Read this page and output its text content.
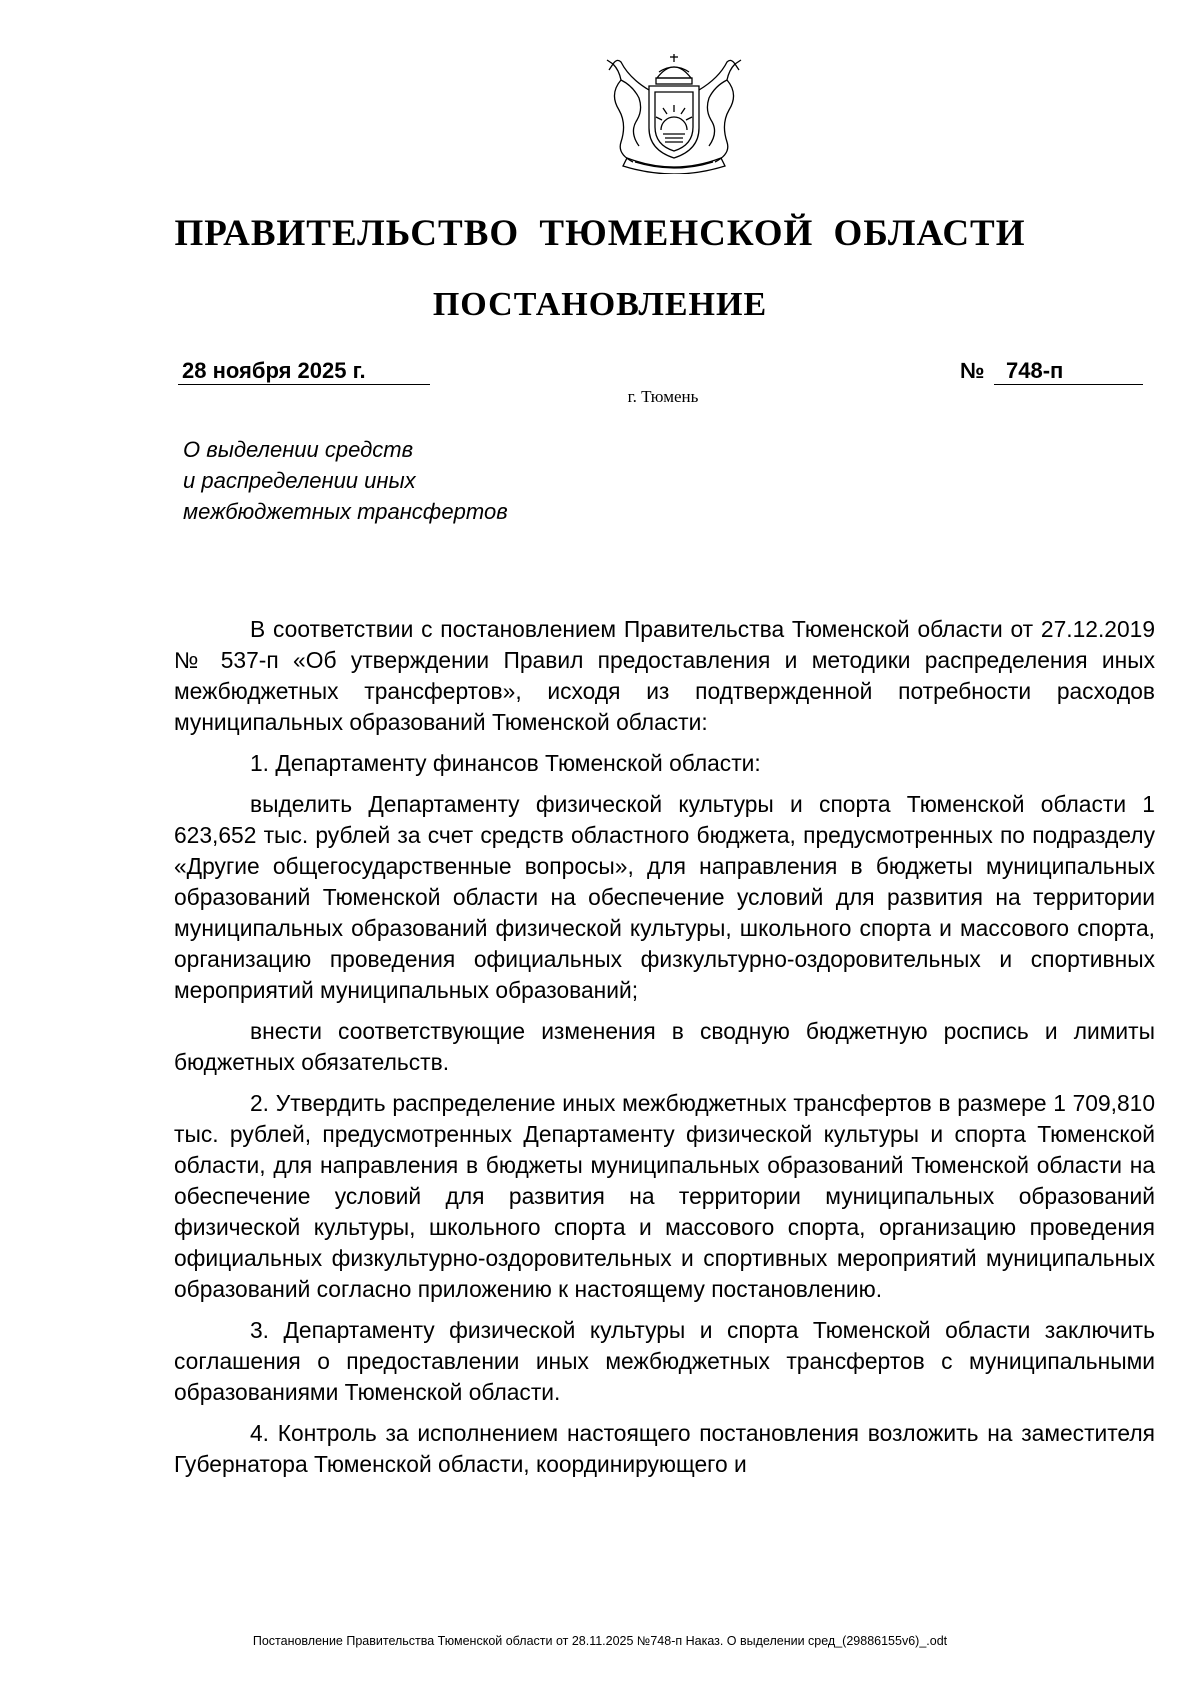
ПРАВИТЕЛЬСТВО ТЮМЕНСКОЙ ОБЛАСТИ
ПОСТАНОВЛЕНИЕ
28 ноября 2025 г.	№ 748-п
г. Тюмень
О выделении средств
и распределении иных
межбюджетных трансфертов

В соответствии с постановлением Правительства Тюменской области от 27.12.2019 № 537-п «Об утверждении Правил предоставления и методики распределения иных межбюджетных трансфертов», исходя из подтвержденной потребности расходов муниципальных образований Тюменской области:

1. Департаменту финансов Тюменской области:

выделить Департаменту физической культуры и спорта Тюменской области 1 623,652 тыс. рублей за счет средств областного бюджета, предусмотренных по подразделу «Другие общегосударственные вопросы», для направления в бюджеты муниципальных образований Тюменской области на обеспечение условий для развития на территории муниципальных образований физической культуры, школьного спорта и массового спорта, организацию проведения официальных физкультурно-оздоровительных и спортивных мероприятий муниципальных образований;

внести соответствующие изменения в сводную бюджетную роспись и лимиты бюджетных обязательств.

2. Утвердить распределение иных межбюджетных трансфертов в размере 1 709,810 тыс. рублей, предусмотренных Департаменту физической культуры и спорта Тюменской области, для направления в бюджеты муниципальных образований Тюменской области на обеспечение условий для развития на территории муниципальных образований физической культуры, школьного спорта и массового спорта, организацию проведения официальных физкультурно-оздоровительных и спортивных мероприятий муниципальных образований согласно приложению к настоящему постановлению.

3. Департаменту физической культуры и спорта Тюменской области заключить соглашения о предоставлении иных межбюджетных трансфертов с муниципальными образованиями Тюменской области.

4. Контроль за исполнением настоящего постановления возложить на заместителя Губернатора Тюменской области, координирующего и

Постановление Правительства Тюменской области от 28.11.2025 №748-п Наказ. О выделении сред_(29886155v6)_.odt
